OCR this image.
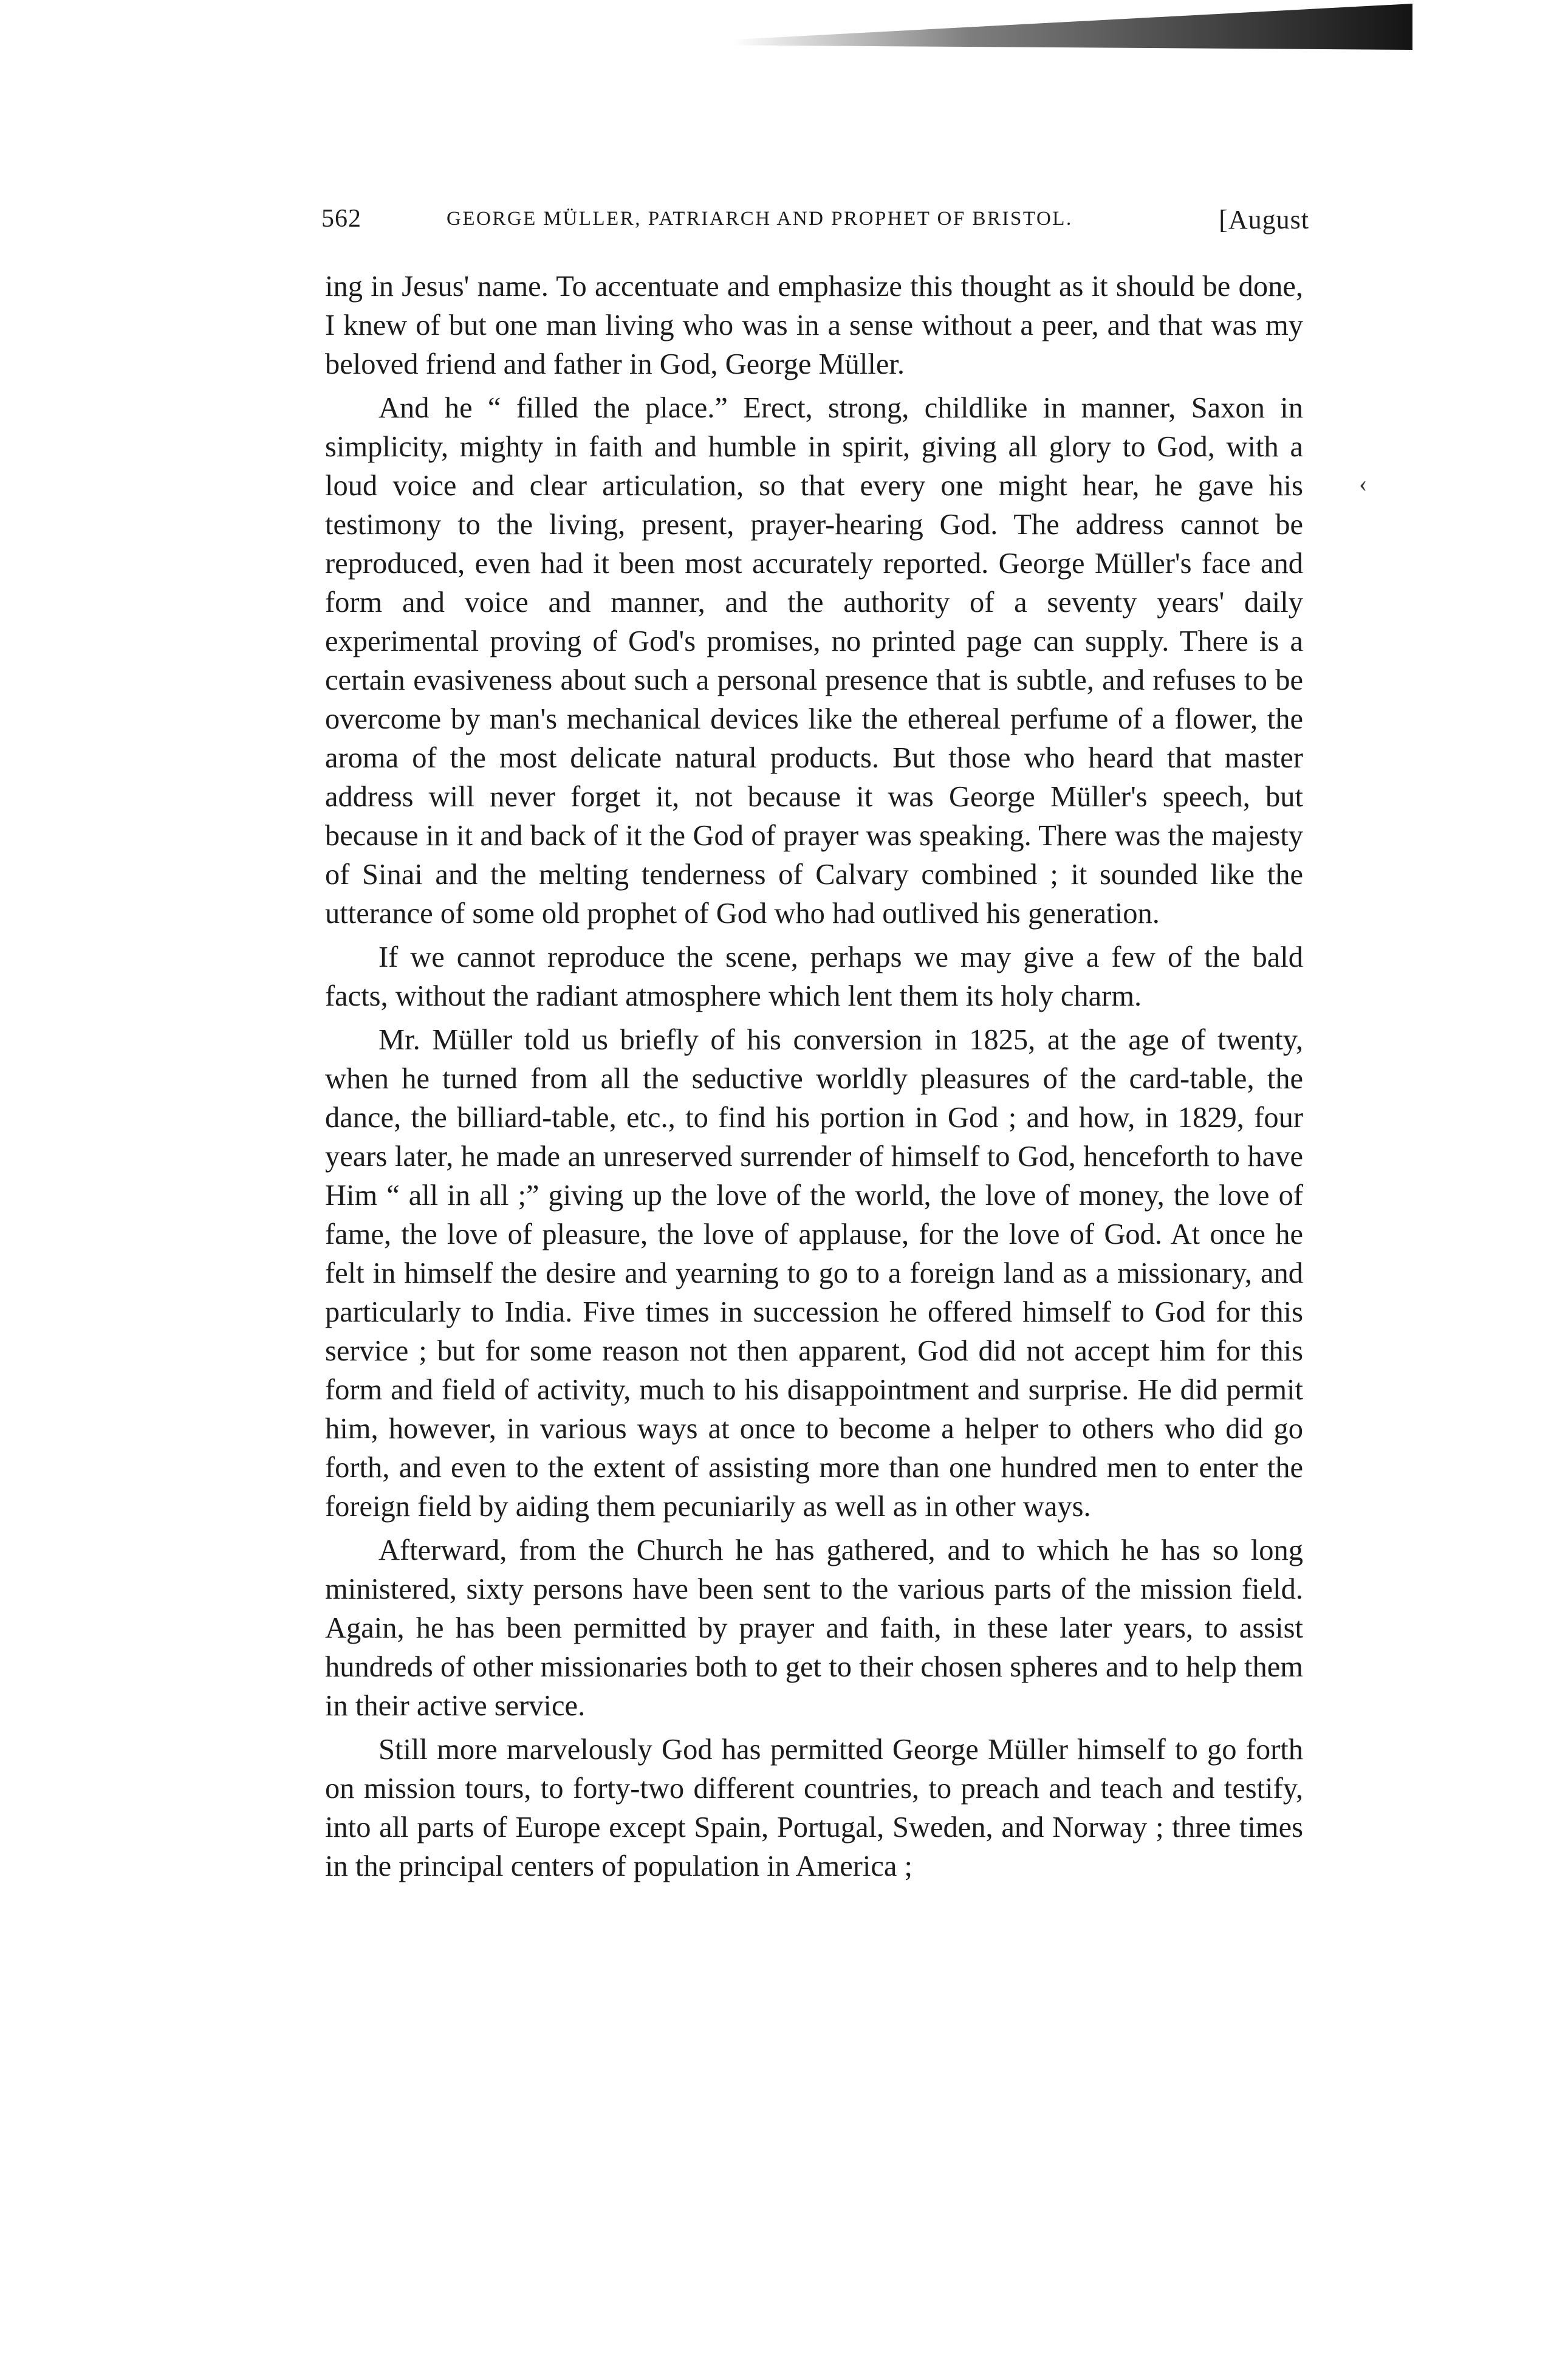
‹
562	GEORGE MÜLLER, PATRIARCH AND PROPHET OF BRISTOL.	[August

ing in Jesus' name. To accentuate and emphasize this thought as it should be done, I knew of but one man living who was in a sense without a peer, and that was my beloved friend and father in God, George Müller.

And he “ filled the place.” Erect, strong, childlike in manner, Saxon in simplicity, mighty in faith and humble in spirit, giving all glory to God, with a loud voice and clear articulation, so that every one might hear, he gave his testimony to the living, present, prayer-hearing God. The address cannot be reproduced, even had it been most accurately reported. George Müller's face and form and voice and manner, and the authority of a seventy years' daily experimental proving of God's promises, no printed page can supply. There is a certain evasiveness about such a personal presence that is subtle, and refuses to be overcome by man's mechanical devices like the ethereal perfume of a flower, the aroma of the most delicate natural products. But those who heard that master address will never forget it, not because it was George Müller's speech, but because in it and back of it the God of prayer was speaking. There was the majesty of Sinai and the melting tenderness of Calvary combined ; it sounded like the utterance of some old prophet of God who had outlived his generation.

If we cannot reproduce the scene, perhaps we may give a few of the bald facts, without the radiant atmosphere which lent them its holy charm.

Mr. Müller told us briefly of his conversion in 1825, at the age of twenty, when he turned from all the seductive worldly pleasures of the card-table, the dance, the billiard-table, etc., to find his portion in God ; and how, in 1829, four years later, he made an unreserved surrender of himself to God, henceforth to have Him “ all in all ;” giving up the love of the world, the love of money, the love of fame, the love of pleasure, the love of applause, for the love of God. At once he felt in himself the desire and yearning to go to a foreign land as a missionary, and particularly to India. Five times in succession he offered himself to God for this service ; but for some reason not then apparent, God did not accept him for this form and field of activity, much to his disappointment and surprise. He did permit him, however, in various ways at once to become a helper to others who did go forth, and even to the extent of assisting more than one hundred men to enter the foreign field by aiding them pecuniarily as well as in other ways.

Afterward, from the Church he has gathered, and to which he has so long ministered, sixty persons have been sent to the various parts of the mission field. Again, he has been permitted by prayer and faith, in these later years, to assist hundreds of other missionaries both to get to their chosen spheres and to help them in their active service.

Still more marvelously God has permitted George Müller himself to go forth on mission tours, to forty-two different countries, to preach and teach and testify, into all parts of Europe except Spain, Portugal, Sweden, and Norway ; three times in the principal centers of population in America ;
